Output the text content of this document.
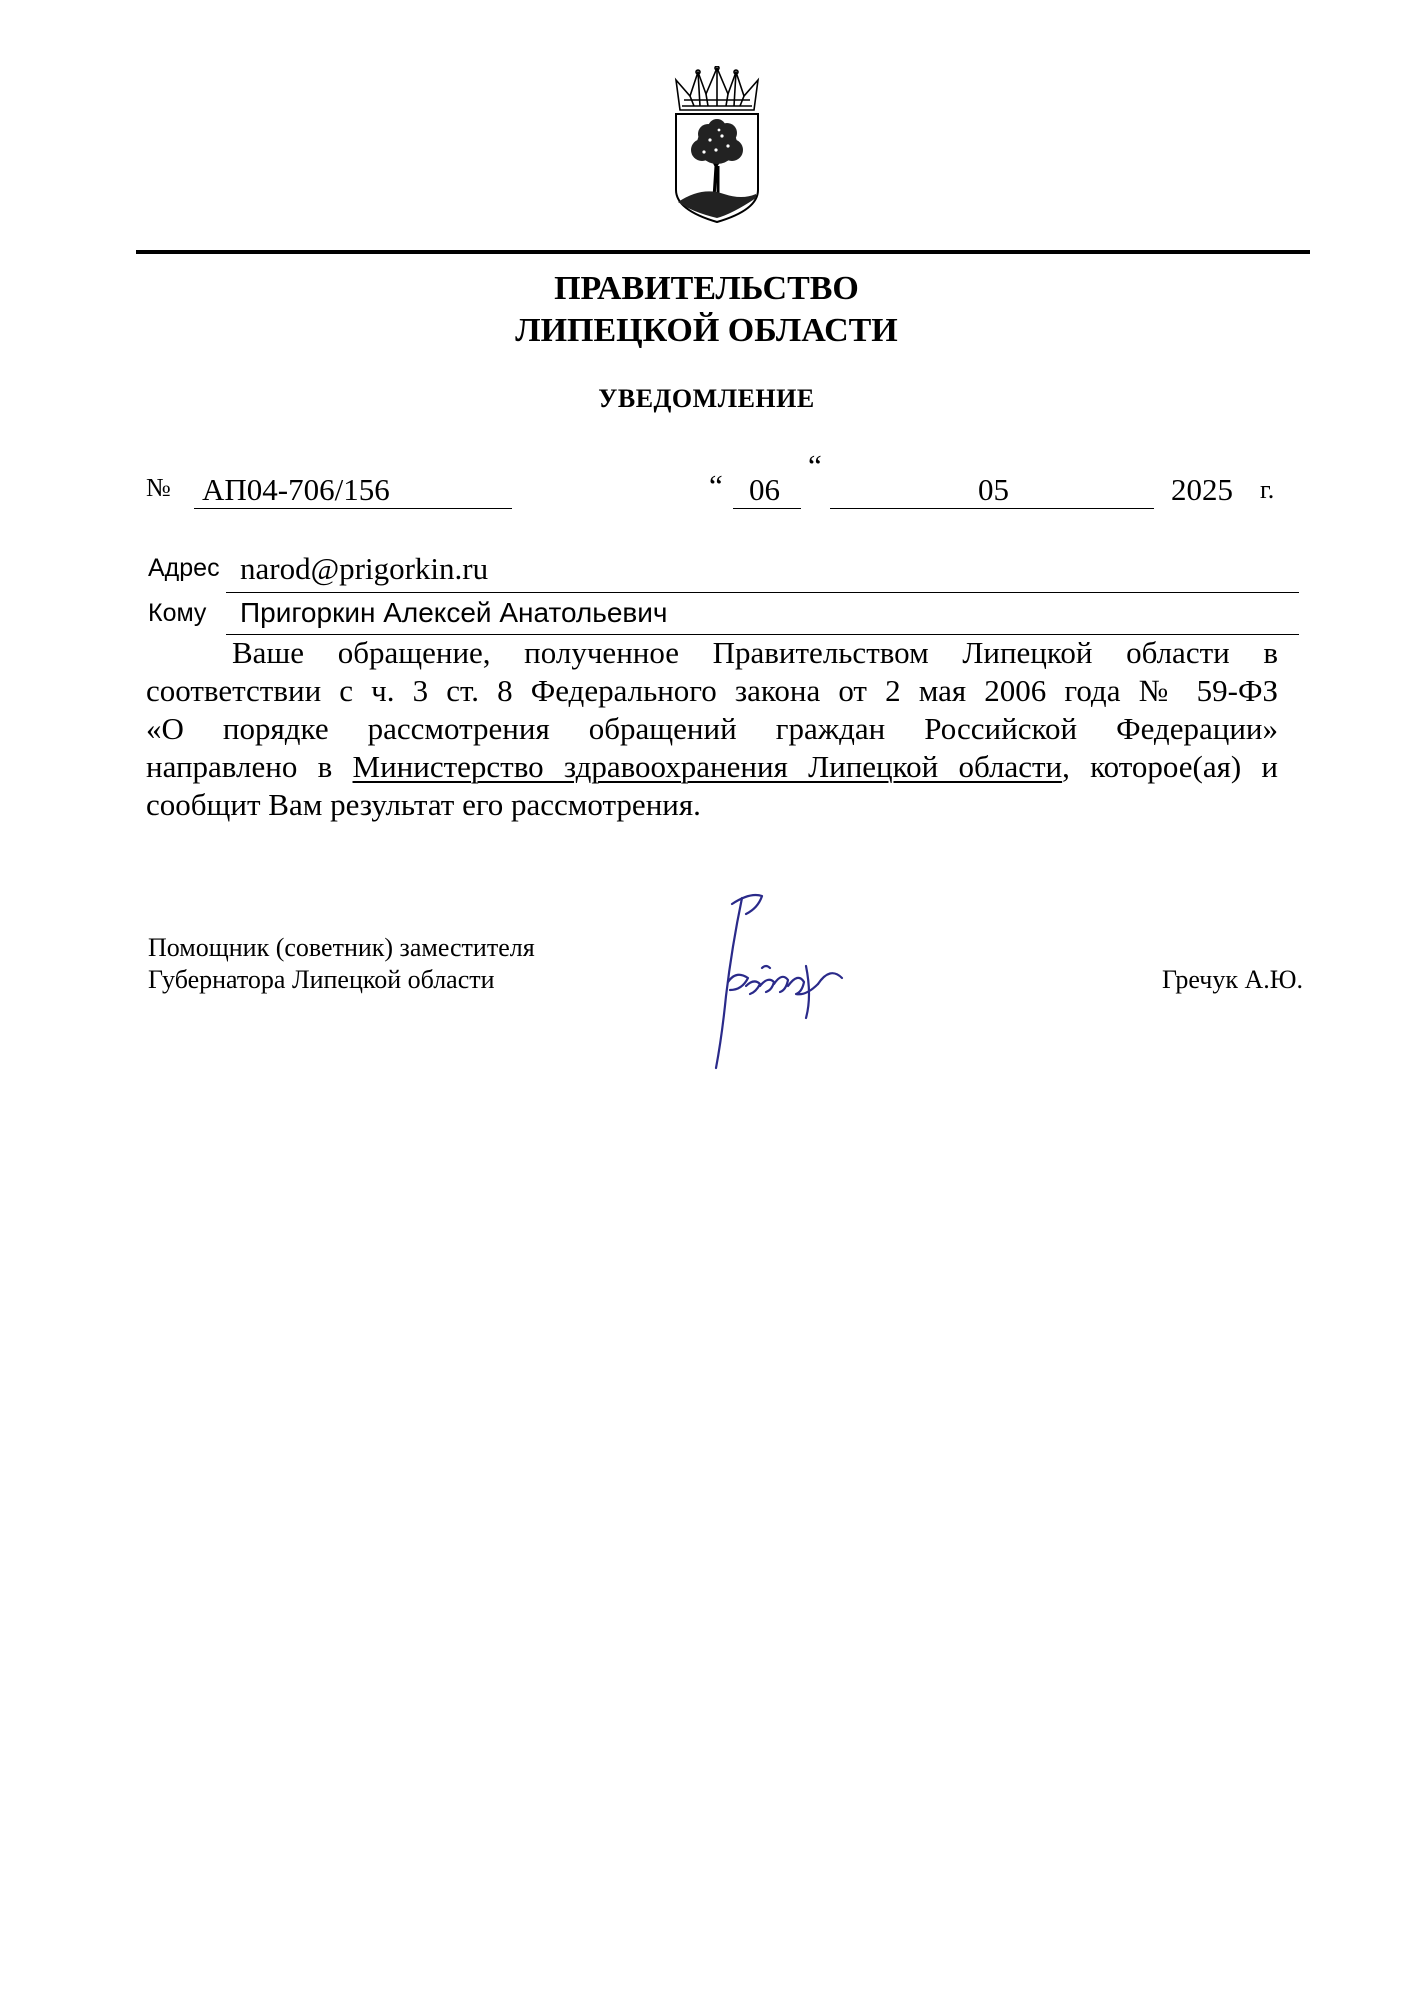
ПРАВИТЕЛЬСТВО
ЛИПЕЦКОЙ ОБЛАСТИ
УВЕДОМЛЕНИЕ
№ АП04-706/156	“ 06
“
05	2025 г.
Адрес narod@prigorkin.ru
Кому Пригоркин Алексей Анатольевич
Ваше обращение, полученное Правительством Липецкой области в
соответствии с ч. 3 ст. 8 Федерального закона от 2 мая 2006 года № 59-ФЗ
«О порядке рассмотрения обращений граждан Российской Федерации»
направлено в Министерство здравоохранения Липецкой области, которое(ая) и
сообщит Вам результат его рассмотрения.
Помощник (советник) заместителя
Губернатора Липецкой области	Гречук А.Ю.
